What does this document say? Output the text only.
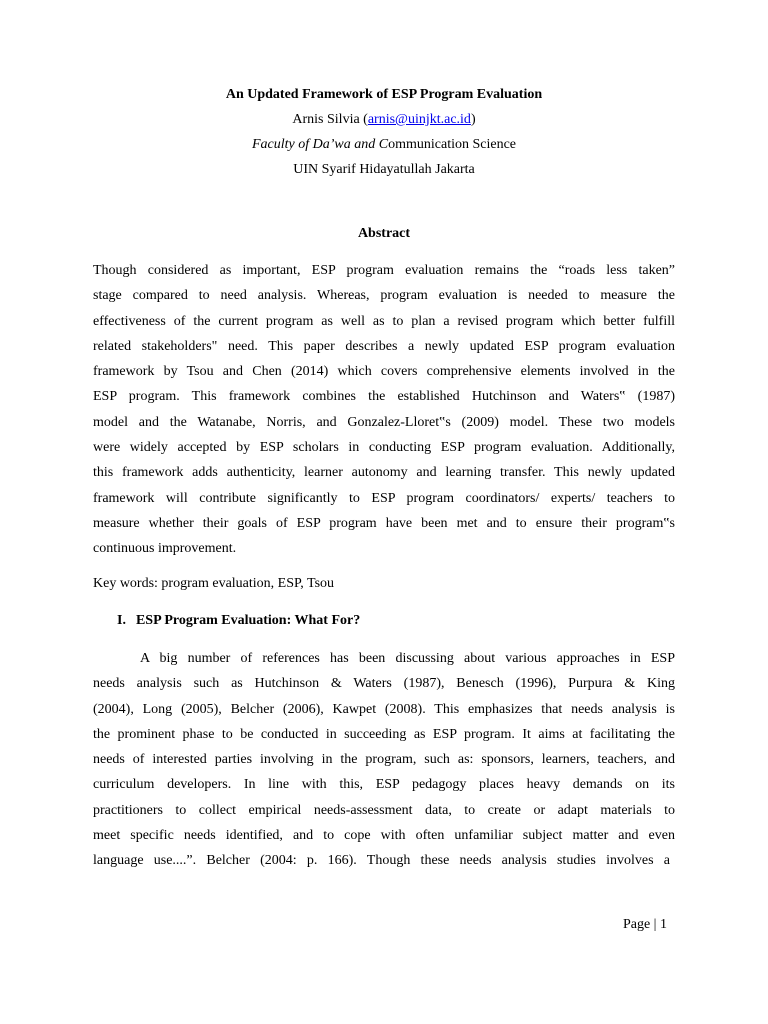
An Updated Framework of ESP Program Evaluation
Arnis Silvia (arnis@uinjkt.ac.id)
Faculty of Da’wa and Communication Science
UIN Syarif Hidayatullah Jakarta
Abstract
Though considered as important, ESP program evaluation remains the “roads less taken”
stage compared to need analysis. Whereas, program evaluation is needed to measure the
effectiveness of the current program as well as to plan a revised program which better fulfill
related stakeholders" need. This paper describes a newly updated ESP program evaluation
framework by Tsou and Chen (2014) which covers comprehensive elements involved in the
ESP program. This framework combines the established Hutchinson and Waters‟ (1987)
model and the Watanabe, Norris, and Gonzalez-Lloret‟s (2009) model. These two models
were widely accepted by ESP scholars in conducting ESP program evaluation. Additionally,
this framework adds authenticity, learner autonomy and learning transfer. This newly updated
framework will contribute significantly to ESP program coordinators/ experts/ teachers to
measure whether their goals of ESP program have been met and to ensure their program‟s
continuous improvement.
Key words: program evaluation, ESP, Tsou
I. ESP Program Evaluation: What For?
A big number of references has been discussing about various approaches in ESP
needs analysis such as Hutchinson & Waters (1987), Benesch (1996), Purpura & King
(2004), Long (2005), Belcher (2006), Kawpet (2008). This emphasizes that needs analysis is
the prominent phase to be conducted in succeeding as ESP program. It aims at facilitating the
needs of interested parties involving in the program, such as: sponsors, learners, teachers, and
curriculum developers. In line with this, ESP pedagogy places heavy demands on its
practitioners to collect empirical needs-assessment data, to create or adapt materials to
meet specific needs identified, and to cope with often unfamiliar subject matter and even
language use....”. Belcher (2004: p. 166). Though these needs analysis studies involves a
Page | 1
